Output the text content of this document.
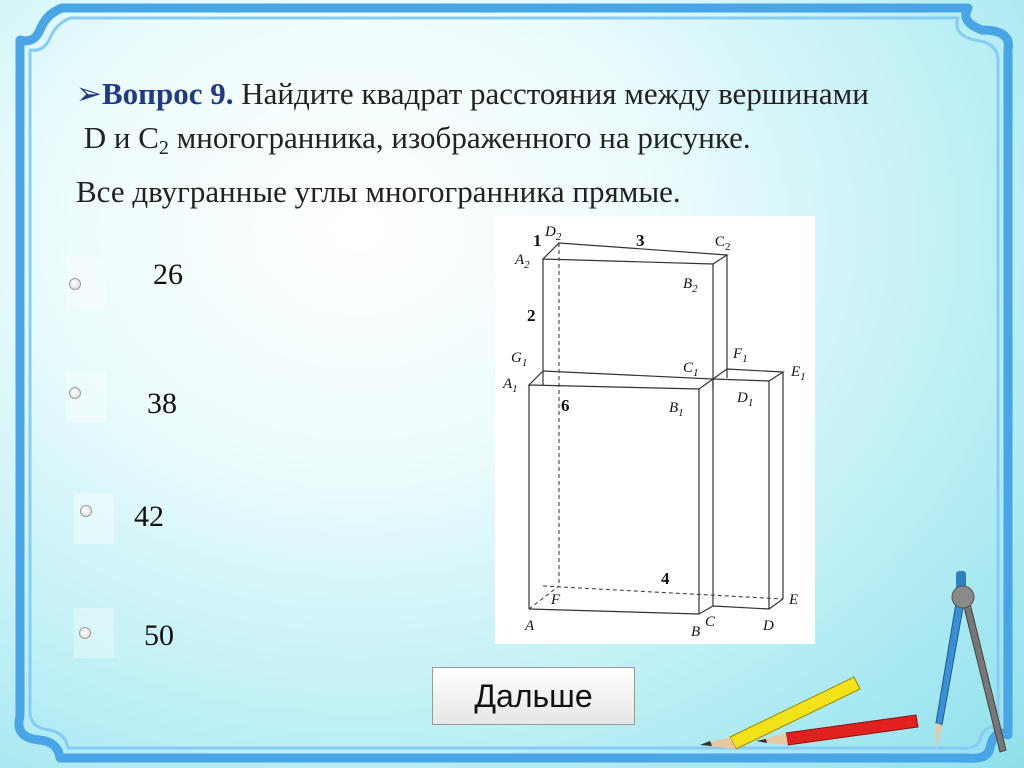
➢Вопрос 9. Найдите квадрат расстояния между вершинами
D и $C_2$ многогранника, изображенного на рисунке.
Все двугранные углы многогранника прямые.
26
38
42
50
$D_2$
$A_2$
$C_2$
$B_2$
$G_1$
$A_1$
$C_1$
$F_1$
$E_1$
$B_1$
$D_1$
F
A	B
C	D
E
1	3
2
6
4
Дальше
